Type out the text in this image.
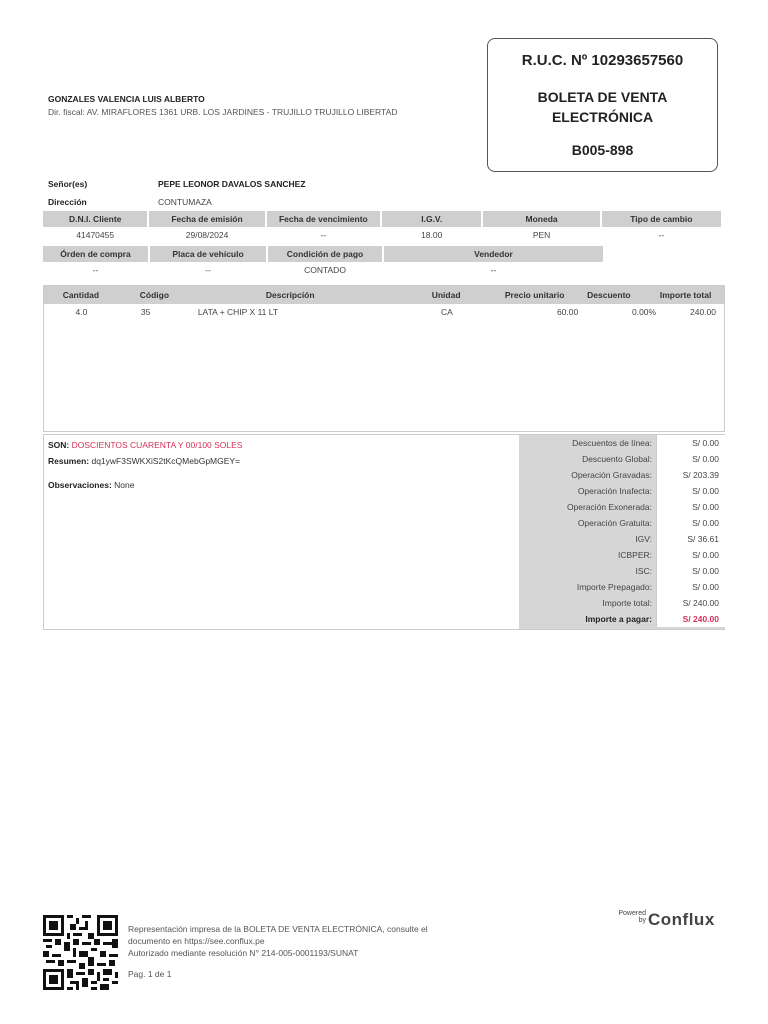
R.U.C. Nº 10293657560
BOLETA DE VENTA
ELECTRÓNICA
B005-898
GONZALES VALENCIA LUIS ALBERTO
Dir. fiscal: AV. MIRAFLORES 1361 URB. LOS JARDINES - TRUJILLO TRUJILLO LIBERTAD
Señor(es)	PEPE LEONOR DAVALOS SANCHEZ
Dirección	CONTUMAZA
D.N.I. Cliente	Fecha de emisión	Fecha de vencimiento	I.G.V.	Moneda	Tipo de cambio
41470455	29/08/2024	--	18.00	PEN	--
Órden de compra	Placa de vehículo	Condición de pago	Vendedor
--	--	CONTADO	--
Cantidad	Código	Descripción	Unidad	Precio unitario	Descuento	Importe total
4.0	35	LATA + CHIP X 11 LT	CA	60.00	0.00%	240.00

SON: DOSCIENTOS CUARENTA Y 00/100 SOLES

Resumen: dq1ywF3SWKXiS2tKcQMebGpMGEY=

Observaciones: None

Descuentos de línea:	S/ 0.00
Descuento Global:	S/ 0.00
Operación Gravadas:	S/ 203.39
Operación Inafecta:	S/ 0.00
Operación Exonerada:	S/ 0.00
Operación Gratuita:	S/ 0.00
IGV:	S/ 36.61
ICBPER:	S/ 0.00
ISC:	S/ 0.00
Importe Prepagado:	S/ 0.00
Importe total:	S/ 240.00
Importe a pagar:	S/ 240.00
Representación impresa de la BOLETA DE VENTA ELECTRÓNICA, consulte el
documento en https://see.conflux.pe
Autorizado mediante resolución N° 214-005-0001193/SUNAT
Pag. 1 de 1
Powered
by Conflux
